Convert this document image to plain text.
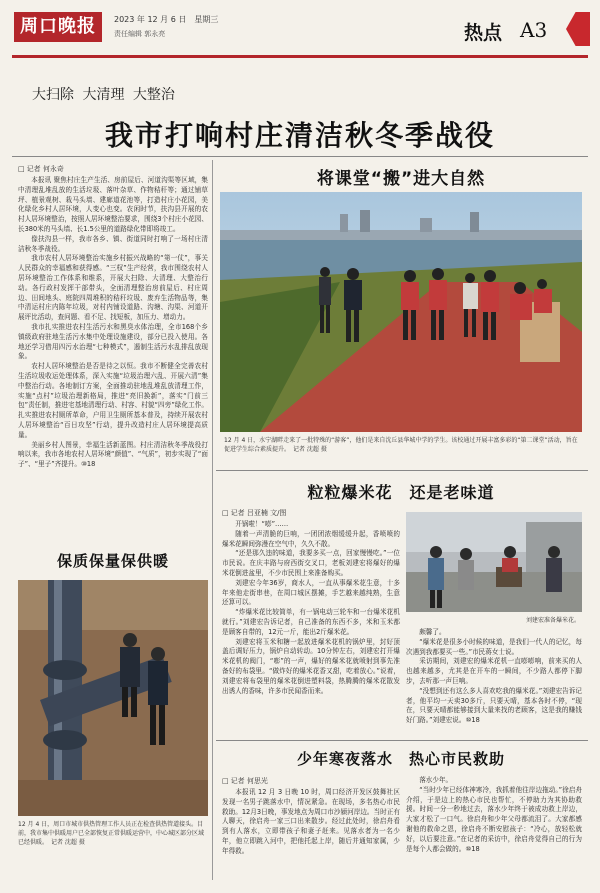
周口晚报	2023 年 12 月 6 日　星期三
责任编辑 郭永亮	热点 A3
大扫除 大清理 大整治
我市打响村庄清洁秋冬季战役
□ 记者 何永奇

本报讯 聚焦村庄生产生活、房前屋后、河道沟渠等区域，集中清理乱堆乱放的生活垃圾、落叶杂草、作物秸秆等；通过铺草坪、植景观树、栽马头墙、建廊道花池等，打造村庄小花园，美化绿化乡村人居环境，人变心也变。农闲时节，扶沟县开展的农村人居环境整治，按照人居环境整治要求，围绕3个村庄小花园、长380米的马头墙、长1.5公里的道路绿化带即将竣工。

像扶沟县一样，我市各乡、镇、街道同时打响了一场村庄清洁秋冬季战役。

我市农村人居环境整治实施乡村振兴战略的“第一仗”，事关人民群众的幸福感和获得感。“三权”生产经营，我市围绕农村人居环境整治工作体系和维系，开展大扫除、大清理、大整治行动。各行政村发挥干部带头，全面清理整治房前屋后、村庄周边、田间地头、庭院四周堆积的秸秆垃圾、废弃生活物品等，集中清运村庄内陈年垃圾，对村内铺设道路、沟塘、沟渠、河道开展评比活动，查问题、看不足、找短板，加压力、增动力。

我市扎实推进农村生活污水和黑臭水体治理，全市168个乡镇级政府驻地生活污水集中处理设施建设，部分已投入使用。各地还学习借用四污水治理“七种模式”，遏制生活污水乱排乱放现象。

农村人居环境整治是否是待之以恒。我市不断健全完善农村生活垃圾收运处理体系，深入实施“垃圾治理六乱、开展六清”集中整治行动。各地制订方案，全面推动驻地乱堆乱放清理工作，实施“点村”垃圾治理新格局，推进“亮旧换新”，落实“门前三包”责任制，推进宅基地清理行动、村容、村貌“四旁”绿化工作。扎实推进农村厕所革命，户用卫生厕所基本普及，持续开展农村人居环境整治“百日攻坚”行动，提升改造村庄人居环境提高质量。

美丽乡村人图景，幸福生活新蓝图。村庄清洁秋冬季战役打响以来，我市各地农村人居环境“颜值”、“气质”，初步实现了“面子”、“里子”齐提升。⑩18

将课堂“搬”进大自然
12 月 4 日，水宁湖畔走来了一批特殊的“游客”，他们是来自沈丘县华城中学的学生。该校通过开展丰富多彩的“第二课堂”活动，旨在促进学生综合素质提升。　记者 沈超 摄
粒粒爆米花　还是老味道
□ 记者 吕亚楠 文/图

开锅啦！“嘭”……

随着一声清脆的巨响，一团团浓烟缓缓升起，香喷喷的爆米花瞬间弥漫在空气中，久久不散。

“还是那久违的味道，我要多买一点，回家慢慢吃。”一位市民说。在庆丰路与府西街交叉口，老板刘建宏将爆好的爆米花倒进盆里，不少市民围上来准备购买。

刘建宏今年36岁，商水人，一直从事爆米花生意，十多年来他走街串巷，在周口城区摆摊，手艺越来越纯熟，生意还算可以。

“炸爆米花比较简单，有一锅电动三轮车和一台爆米花机就行。”刘建宏告诉记者，自己准备的东西不多，米和玉米都是顾客自带的，12元一斤，能出2斤爆米花。

刘建宏将玉米和糖一起放进爆米花机的锅炉里，封好顶盖后调好压力，锅炉自动转动。10分钟左右，刘建宏打开爆米花机的阀门，“嘭”的一声，爆好的爆米花就喷射到事先准备好的布袋里。“做炸好的爆米花香又甜，吃着放心。”说着，刘建宏将布袋里的爆米花倒进塑料袋，热腾腾的爆米花散发出诱人的香味，许多市民闻香而来。

刘建宏准备爆米花。

颇馨了。

“爆米花是很多小时候的味道，是我们一代人的记忆，每次遇到我都要买一些。”市民蒋女士说。

采访期间，刘建宏的爆米花机一直嘭嘭响，前来买的人也越来越多，尤其是在开车的一瞬间，不少路人都停下脚步，去听那一声巨响。

“没想到还有这么多人喜欢吃我的爆米花。”刘建宏告诉记者，他平均一天卖30多斤，只要天晴，基本各时不停，“现在，只要天晴都能够接到大量来找的老顾客，这是我的赚钱好门路。”刘建宏说。⑩18

保质保量保供暖
12 月 4 日，周口市城市供热管理工作人员正在检查供热管道接头。目前，我市集中供暖用户已全部恢复正常供暖运营中，中心城区部分区域已经供暖。　记者 沈超 摄
少年寒夜落水　热心市民救助
□ 记者 何思光

本报讯 12 月 3 日晚 10 时，周口经济开发区鼓舞社区发现一名男子跳落水中，情况紧急。在现场，多名热心市民救助。12月3日晚，事发地点为周口市沙颍河岸边。当时正有人聊天，徐启舟一家三口出来散步。经过此处时，徐启舟看到有人落水，立即带孩子和妻子赶来。见落水者为一名少年，他立即跳入河中，把他托起上岸，随后并通知家属，少年得救。

落水少年。

“当时少年已经体神寒冷，我抓着他往岸边拖动。”徐启舟介绍，于是边上的热心市民也帮忙，不停助力为其协助救援。时间一分一秒地过去，落水少年终于被成功救上岸边，大家才松了一口气。徐启舟和少年父母都流泪了。大家都感谢他的救命之恩，徐启舟不断安慰孩子：“冷心，放轻松就好，以后要注意。”在记者的采访中，徐启舟觉得自己的行为是每个人都会做的。⑩18
